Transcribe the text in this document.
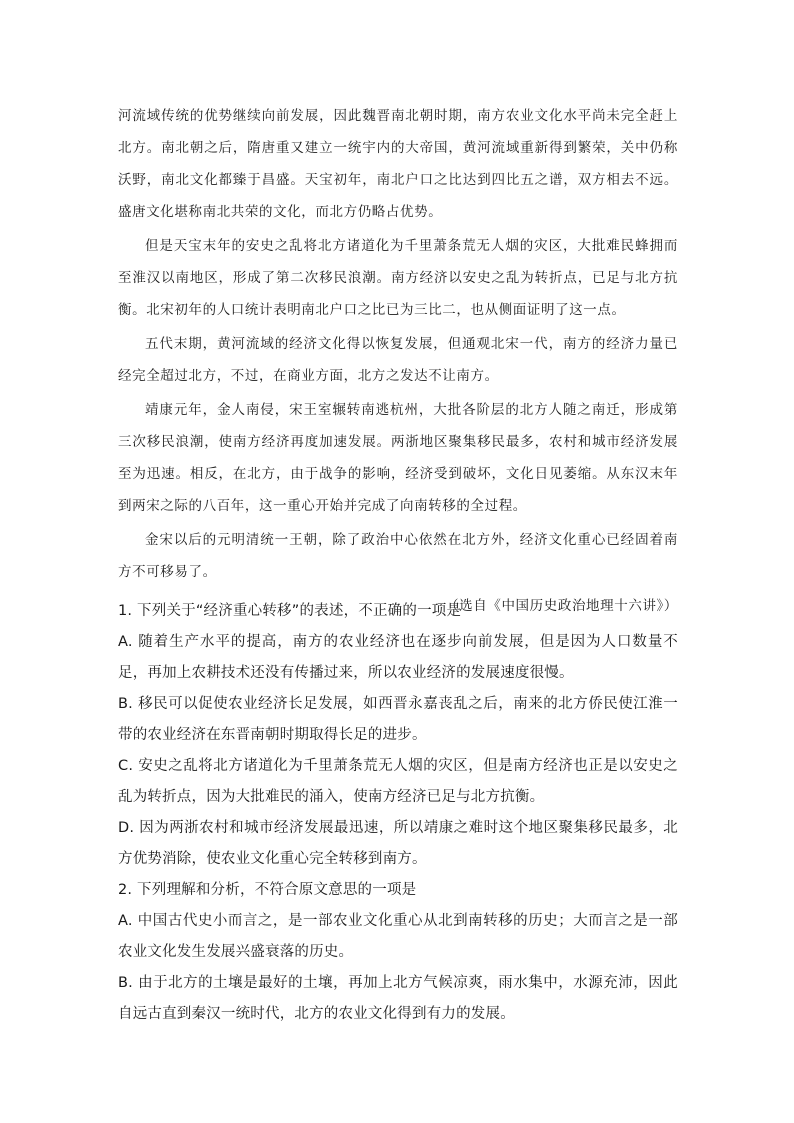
河流域传统的优势继续向前发展，因此魏晋南北朝时期，南方农业文化水平尚未完全赶上北方。南北朝之后，隋唐重又建立一统宇内的大帝国，黄河流域重新得到繁荣，关中仍称沃野，南北文化都臻于昌盛。天宝初年，南北户口之比达到四比五之谱，双方相去不远。盛唐文化堪称南北共荣的文化，而北方仍略占优势。

但是天宝末年的安史之乱将北方诸道化为千里萧条荒无人烟的灾区，大批难民蜂拥而至淮汉以南地区，形成了第二次移民浪潮。南方经济以安史之乱为转折点，已足与北方抗衡。北宋初年的人口统计表明南北户口之比已为三比二，也从侧面证明了这一点。

五代末期，黄河流域的经济文化得以恢复发展，但通观北宋一代，南方的经济力量已经完全超过北方，不过，在商业方面，北方之发达不让南方。

靖康元年，金人南侵，宋王室辗转南逃杭州，大批各阶层的北方人随之南迁，形成第三次移民浪潮，使南方经济再度加速发展。两浙地区聚集移民最多，农村和城市经济发展至为迅速。相反，在北方，由于战争的影响，经济受到破坏，文化日见萎缩。从东汉末年到两宋之际的八百年，这一重心开始并完成了向南转移的全过程。

金宋以后的元明清统一王朝，除了政治中心依然在北方外，经济文化重心已经固着南方不可移易了。

（选自《中国历史政治地理十六讲》）

1. 下列关于“经济重心转移”的表述，不正确的一项是

A. 随着生产水平的提高，南方的农业经济也在逐步向前发展，但是因为人口数量不足，再加上农耕技术还没有传播过来，所以农业经济的发展速度很慢。

B. 移民可以促使农业经济长足发展，如西晋永嘉丧乱之后，南来的北方侨民使江淮一带的农业经济在东晋南朝时期取得长足的进步。

C. 安史之乱将北方诸道化为千里萧条荒无人烟的灾区，但是南方经济也正是以安史之乱为转折点，因为大批难民的涌入，使南方经济已足与北方抗衡。

D. 因为两浙农村和城市经济发展最迅速，所以靖康之难时这个地区聚集移民最多，北方优势消除，使农业文化重心完全转移到南方。

2. 下列理解和分析，不符合原文意思的一项是

A. 中国古代史小而言之，是一部农业文化重心从北到南转移的历史；大而言之是一部农业文化发生发展兴盛衰落的历史。

B. 由于北方的土壤是最好的土壤，再加上北方气候凉爽，雨水集中，水源充沛，因此自远古直到秦汉一统时代，北方的农业文化得到有力的发展。
